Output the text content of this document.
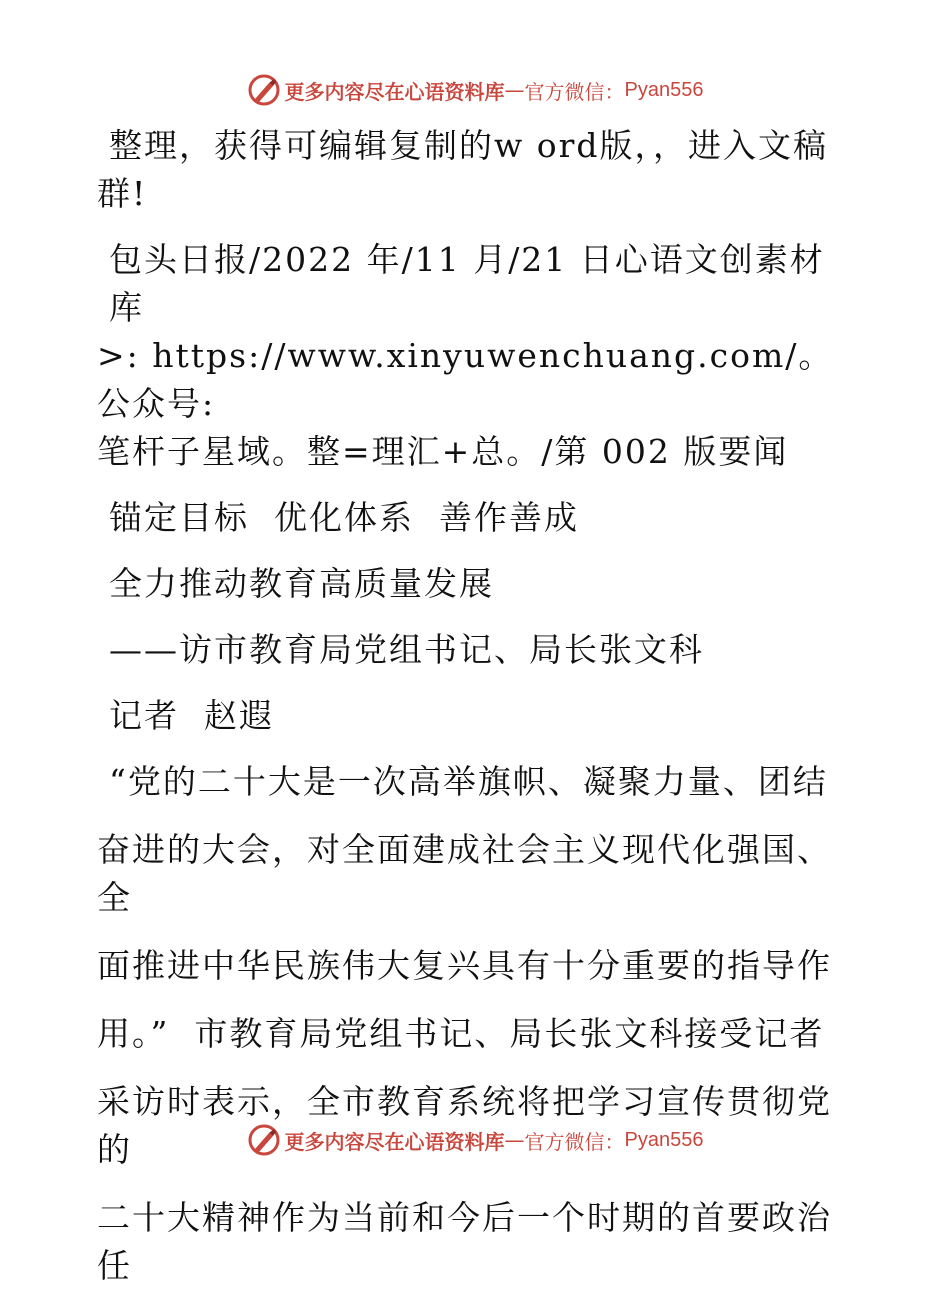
更多内容尽在心语资料库 — 官方微信： Pyan556

整理，获得可编辑复制的w ord版，，进入文稿

群!

包头日报/2022 年/11 月/21 日心语文创素材库

>: https://www.xinyuwenchuang.com/。公众号:

笔杆子星域。整=理汇+总。/第 002 版要闻

锚定目标  优化体系  善作善成

全力推动教育高质量发展

——访市教育局党组书记、局长张文科

记者  赵遐

“党的二十大是一次高举旗帜、凝聚力量、团结

奋进的大会，对全面建成社会主义现代化强国、全

面推进中华民族伟大复兴具有十分重要的指导作

用。”  市教育局党组书记、局长张文科接受记者

采访时表示，全市教育系统将把学习宣传贯彻党的

二十大精神作为当前和今后一个时期的首要政治任

更多内容尽在心语资料库 — 官方微信： Pyan556
